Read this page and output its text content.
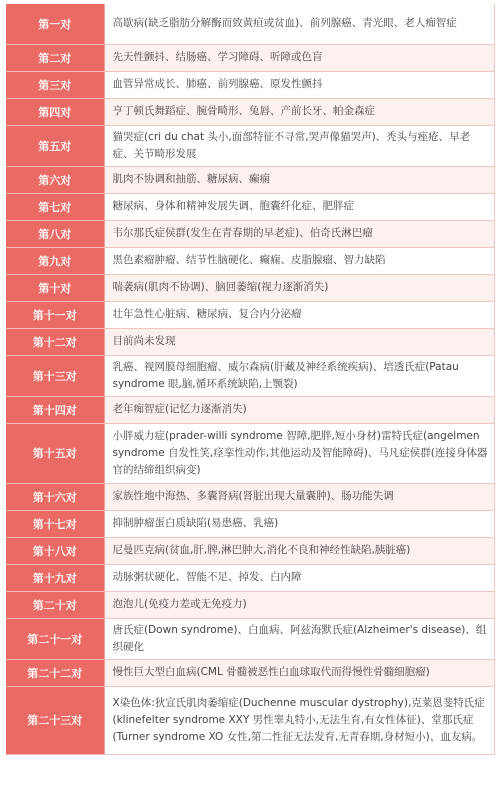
第一对	高歇病(缺乏脂肪分解酶而致黄疸或贫血)、前列腺癌、青光眼、老人痴智症
第二对	先天性颤抖、结肠癌、学习障碍、听障或色盲
第三对	血管异常成长、肺癌、前列腺癌、原发性颤抖
第四对	亨丁顿氏舞蹈症、腕骨畸形、兔唇、产前长牙、帕金森症
第五对	猫哭症(cri du chat 头小,面部特征不寻常,哭声像猫哭声)、秃头与痤疮、早老症、关节畸形发展
第六对	肌肉不协调和抽筋、糖尿病、癫痫
第七对	糖尿病、身体和精神发展失调、胞囊纤化症、肥胖症
第八对	韦尔那氏症侯群(发生在青春期的早老症)、伯奇氏淋巴瘤
第九对	黑色素瘤肿瘤、结节性脑硬化、癫痫、皮脂腺瘤、智力缺陷
第十对	喘袭病(肌肉不协调)、脑回萎缩(视力逐渐消失)
第十一对	壮年急性心脏病、糖尿病、复合内分泌瘤
第十二对	目前尚未发现
第十三对	乳癌、视网膜母细胞瘤、威尔森病(肝藏及神经系统疾病)、培透氏症(Patau syndrome 眼,脑,循环系统缺陷,上颚裂)
第十四对	老年痴智症(记忆力逐渐消失)
第十五对	小胖威力症(prader-willi syndrome 智障,肥胖,短小身材)雷特氏症(angelmen syndrome 自发性笑,痉挛性动作,其他运动及智能障碍)、马凡症侯群(连接身体器官的结缔组织病变)
第十六对	家族性地中海热、多囊肾病(肾脏出现大量囊肿)、肠功能失调
第十七对	抑制肿瘤蛋白质缺陷(易患癌、乳癌)
第十八对	尼曼匹克病(贫血,肝,脾,淋巴肿大,消化不良和神经性缺陷,胰脏癌)
第十九对	动脉粥状硬化、智能不足、掉发、白内障
第二十对	泡泡儿(免疫力差或无免疫力)
第二十一对	唐氏症(Down syndrome)、白血病、阿兹海默氏症(Alzheimer's disease)、组织硬化
第二十二对	慢性巨大型白血病(CML 骨髓被恶性白血球取代而得慢性骨髓细胞瘤)
第二十三对	X染色体:狄宣氏肌肉萎缩症(Duchenne muscular dystrophy),克莱恩斐特氏症(klinefelter syndrome XXY 男性睾丸特小,无法生育,有女性体征)、堂那氏症(Turner syndrome XO 女性,第二性征无法发育,无青春期,身材短小)、血友病。
